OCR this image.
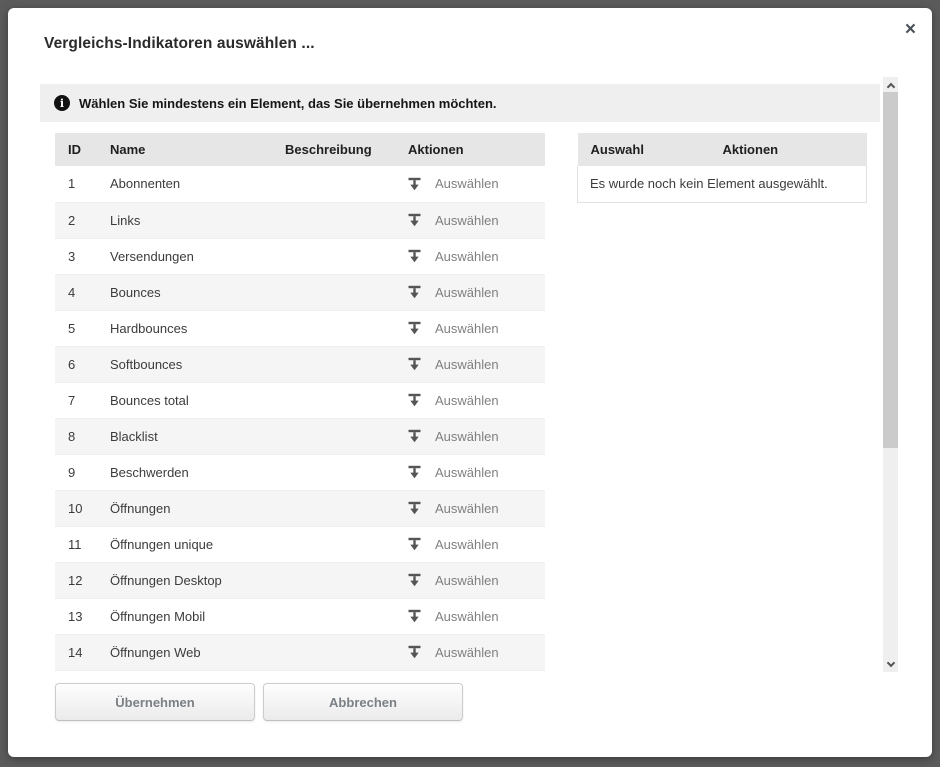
Vergleichs-Indikatoren auswählen ...
×
i	Wählen Sie mindestens ein Element, das Sie übernehmen möchten.
ID	Name	Beschreibung	Aktionen
1	Abonnenten		Auswählen

2	Links		Auswählen

3	Versendungen		Auswählen

4	Bounces		Auswählen

5	Hardbounces		Auswählen

6	Softbounces		Auswählen

7	Bounces total		Auswählen

8	Blacklist		Auswählen

9	Beschwerden		Auswählen

10	Öffnungen		Auswählen

11	Öffnungen unique		Auswählen

12	Öffnungen Desktop		Auswählen

13	Öffnungen Mobil		Auswählen

14	Öffnungen Web		Auswählen
Auswahl	Aktionen
Es wurde noch kein Element ausgewählt.
Übernehmen	Abbrechen
